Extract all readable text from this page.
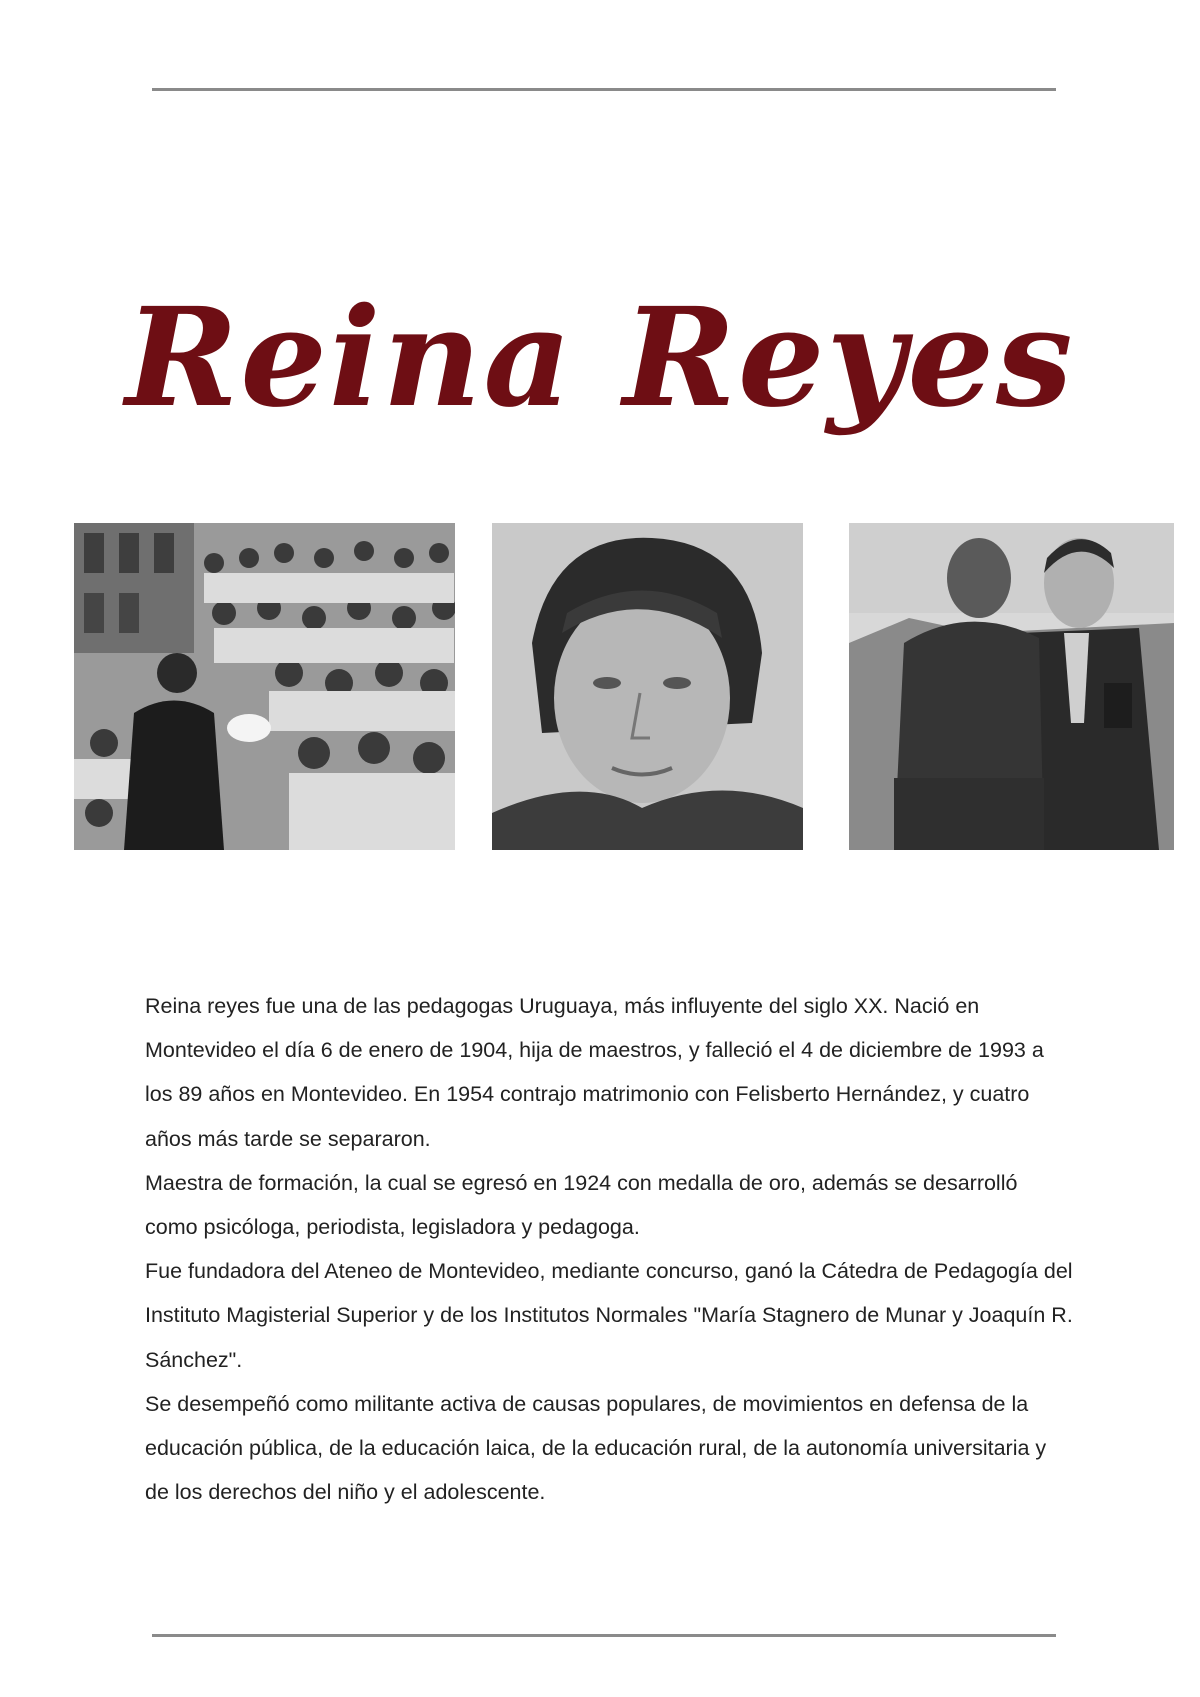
Reina Reyes

Reina reyes fue una de las pedagogas Uruguaya, más influyente del siglo XX. Nació en Montevideo el día 6 de enero de 1904, hija de maestros, y falleció el 4 de diciembre de 1993 a los 89 años en Montevideo. En 1954 contrajo matrimonio con Felisberto Hernández, y cuatro años más tarde se separaron.

Maestra de formación, la cual se egresó en 1924 con medalla de oro, además se desarrolló como psicóloga, periodista, legisladora y pedagoga.

Fue fundadora del Ateneo de Montevideo, mediante concurso, ganó la Cátedra de Pedagogía del Instituto Magisterial Superior y de los Institutos Normales "María Stagnero de Munar y Joaquín R. Sánchez".

Se desempeñó como militante activa de causas populares, de movimientos en defensa de la educación pública, de la educación laica, de la educación rural, de la autonomía universitaria y de los derechos del niño y el adolescente.
